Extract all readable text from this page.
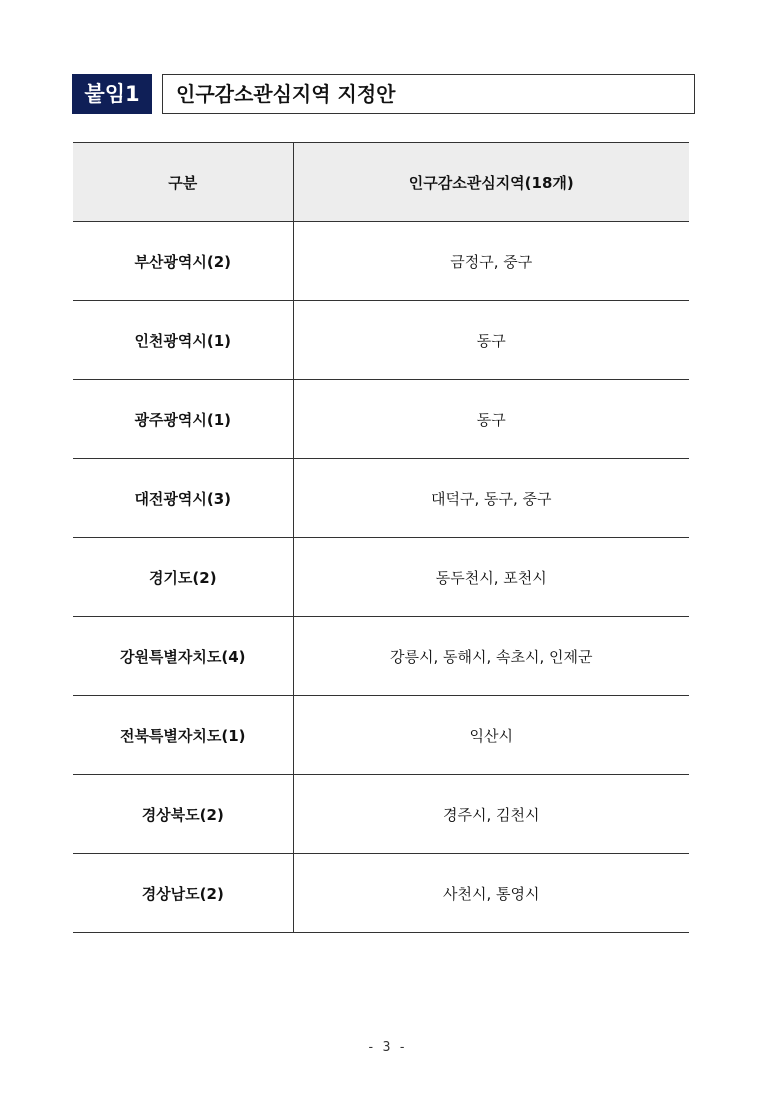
붙임1	인구감소관심지역 지정안
구분	인구감소관심지역(18개)
부산광역시(2)	금정구, 중구
인천광역시(1)	동구
광주광역시(1)	동구
대전광역시(3)	대덕구, 동구, 중구
경기도(2)	동두천시, 포천시
강원특별자치도(4)	강릉시, 동해시, 속초시, 인제군
전북특별자치도(1)	익산시
경상북도(2)	경주시, 김천시
경상남도(2)	사천시, 통영시
- 3 -
